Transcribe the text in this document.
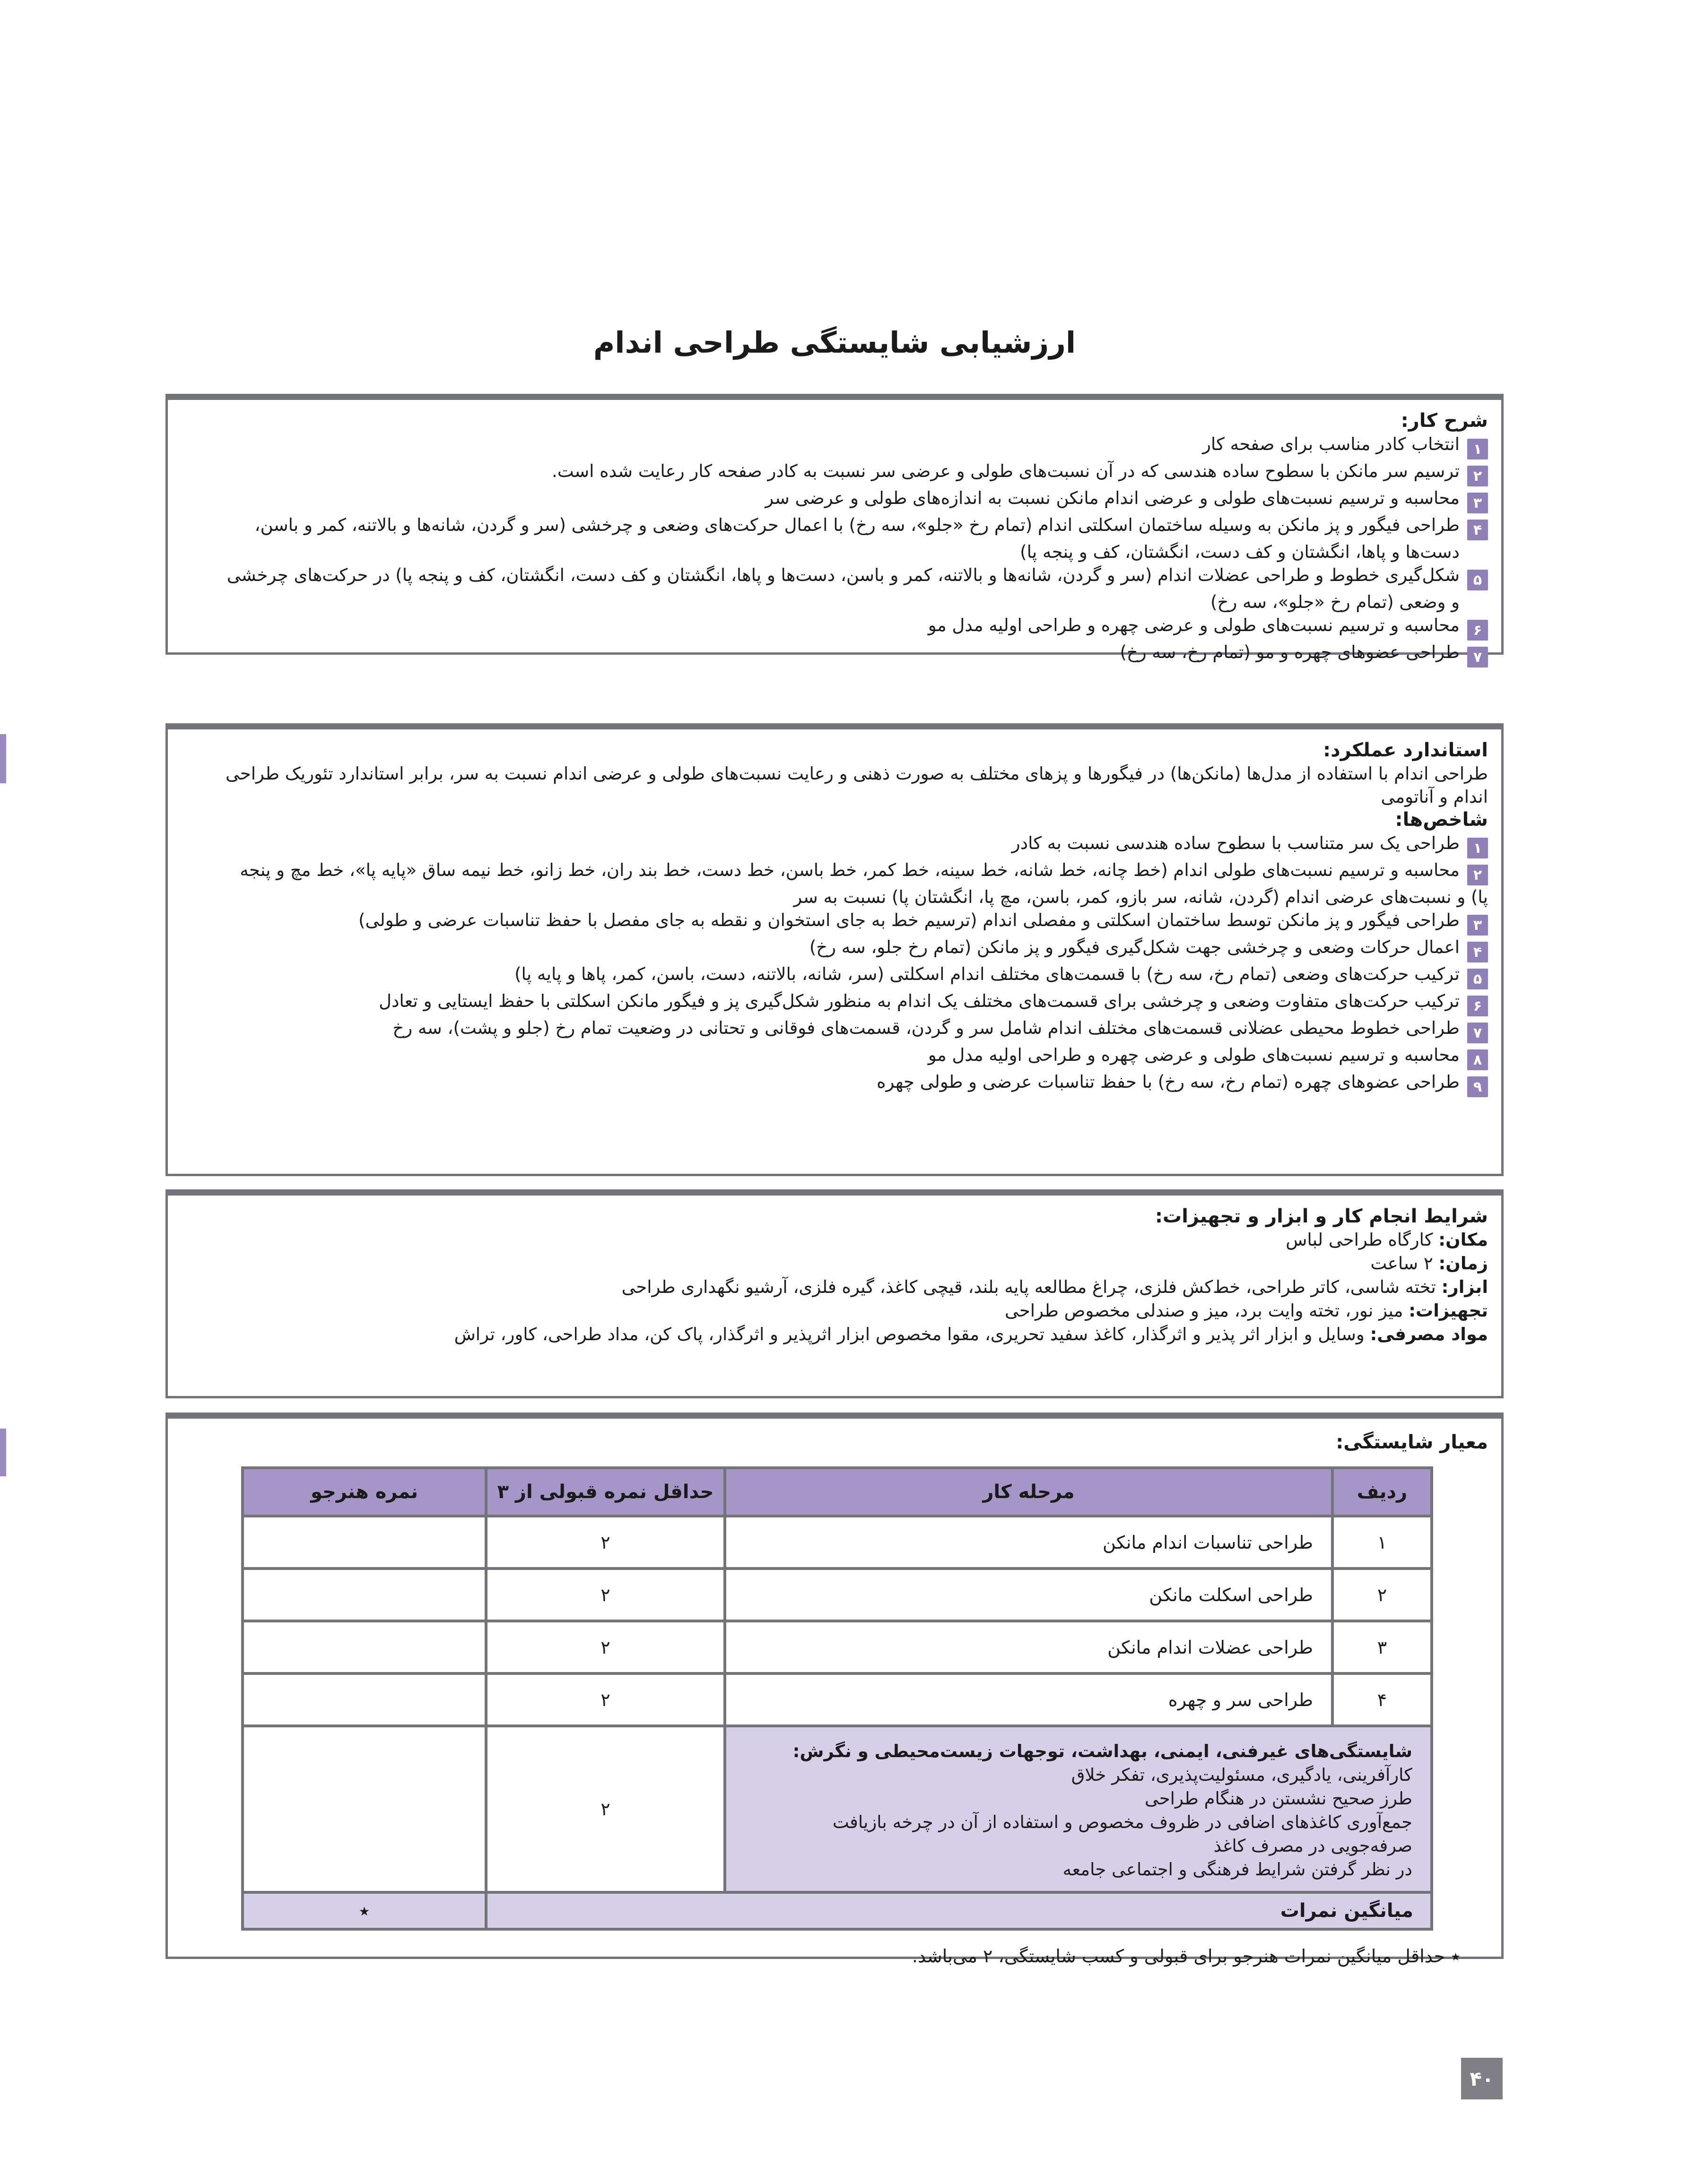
ارزشیابی شایستگی طراحی اندام
شرح کار:
۱انتخاب کادر مناسب برای صفحه کار
۲ترسیم سر مانکن با سطوح ساده هندسی که در آن نسبت‌های طولی و عرضی سر نسبت به کادر صفحه کار رعایت شده است.
۳محاسبه و ترسیم نسبت‌های طولی و عرضی اندام مانکن نسبت به اندازه‌های طولی و عرضی سر
۴طراحی فیگور و پز مانکن به وسیله ساختمان اسکلتی اندام (تمام رخ «جلو»، سه رخ) با اعمال حرکت‌های وضعی و چرخشی (سر و گردن، شانه‌ها و بالاتنه، کمر و باسن،
دست‌ها و پاها، انگشتان و کف دست، انگشتان، کف و پنجه پا)
۵شکل‌گیری خطوط و طراحی عضلات اندام (سر و گردن، شانه‌ها و بالاتنه، کمر و باسن، دست‌ها و پاها، انگشتان و کف دست، انگشتان، کف و پنجه پا) در حرکت‌های چرخشی
و وضعی (تمام رخ «جلو»، سه رخ)
۶محاسبه و ترسیم نسبت‌های طولی و عرضی چهره و طراحی اولیه مدل مو
۷طراحی عضوهای چهره و مو (تمام رخ، سه رخ)
استاندارد عملکرد:
طراحی اندام با استفاده از مدل‌ها (مانکن‌ها) در فیگورها و پزهای مختلف به صورت ذهنی و رعایت نسبت‌های طولی و عرضی اندام نسبت به سر، برابر استاندارد تئوریک طراحی
اندام و آناتومی
شاخص‌ها:
۱طراحی یک سر متناسب با سطوح ساده هندسی نسبت به کادر
۲محاسبه و ترسیم نسبت‌های طولی اندام (خط چانه، خط شانه، خط سینه، خط کمر، خط باسن، خط دست، خط بند ران، خط زانو، خط نیمه ساق «پایه پا»، خط مچ و پنجه
پا) و نسبت‌های عرضی اندام (گردن، شانه، سر بازو، کمر، باسن، مچ پا، انگشتان پا) نسبت به سر
۳طراحی فیگور و پز مانکن توسط ساختمان اسکلتی و مفصلی اندام (ترسیم خط به جای استخوان و نقطه به جای مفصل با حفظ تناسبات عرضی و طولی)
۴اعمال حرکات وضعی و چرخشی جهت شکل‌گیری فیگور و پز مانکن (تمام رخ جلو، سه رخ)
۵ترکیب حرکت‌های وضعی (تمام رخ، سه رخ) با قسمت‌های مختلف اندام اسکلتی (سر، شانه، بالاتنه، دست، باسن، کمر، پاها و پایه پا)
۶ترکیب حرکت‌های متفاوت وضعی و چرخشی برای قسمت‌های مختلف یک اندام به منظور شکل‌گیری پز و فیگور مانکن اسکلتی با حفظ ایستایی و تعادل
۷طراحی خطوط محیطی عضلانی قسمت‌های مختلف اندام شامل سر و گردن، قسمت‌های فوقانی و تحتانی در وضعیت تمام رخ (جلو و پشت)، سه رخ
۸محاسبه و ترسیم نسبت‌های طولی و عرضی چهره و طراحی اولیه مدل مو
۹طراحی عضوهای چهره (تمام رخ، سه رخ) با حفظ تناسبات عرضی و طولی چهره
شرایط انجام کار و ابزار و تجهیزات:
مکان: کارگاه طراحی لباس
زمان: ۲ ساعت
ابزار: تخته شاسی، کاتر طراحی، خط‌کش فلزی، چراغ مطالعه پایه بلند، قیچی کاغذ، گیره فلزی، آرشیو نگهداری طراحی
تجهیزات: میز نور، تخته وایت برد، میز و صندلی مخصوص طراحی
مواد مصرفی: وسایل و ابزار اثر پذیر و اثرگذار، کاغذ سفید تحریری، مقوا مخصوص ابزار اثرپذیر و اثرگذار، پاک کن، مداد طراحی، کاور، تراش
معیار شایستگی:
ردیف	مرحله کار	حداقل نمره قبولی از ۳	نمره هنرجو
۱	طراحی تناسبات اندام مانکن	۲	
۲	طراحی اسکلت مانکن	۲	
۳	طراحی عضلات اندام مانکن	۲	
۴	طراحی سر و چهره	۲	

شایستگی‌های غیرفنی، ایمنی، بهداشت، توجهات زیست‌محیطی و نگرش:
کارآفرینی، یادگیری، مسئولیت‌پذیری، تفکر خلاق
طرز صحیح نشستن در هنگام طراحی
جمع‌آوری کاغذهای اضافی در ظروف مخصوص و استفاده از آن در چرخه بازیافت
صرفه‌جویی در مصرف کاغذ
در نظر گرفتن شرایط فرهنگی و اجتماعی جامعه
	۲	
میانگین نمرات			٭
٭ حداقل میانگین نمرات هنرجو برای قبولی و کسب شایستگی، ۲ می‌باشد.
۴۰
